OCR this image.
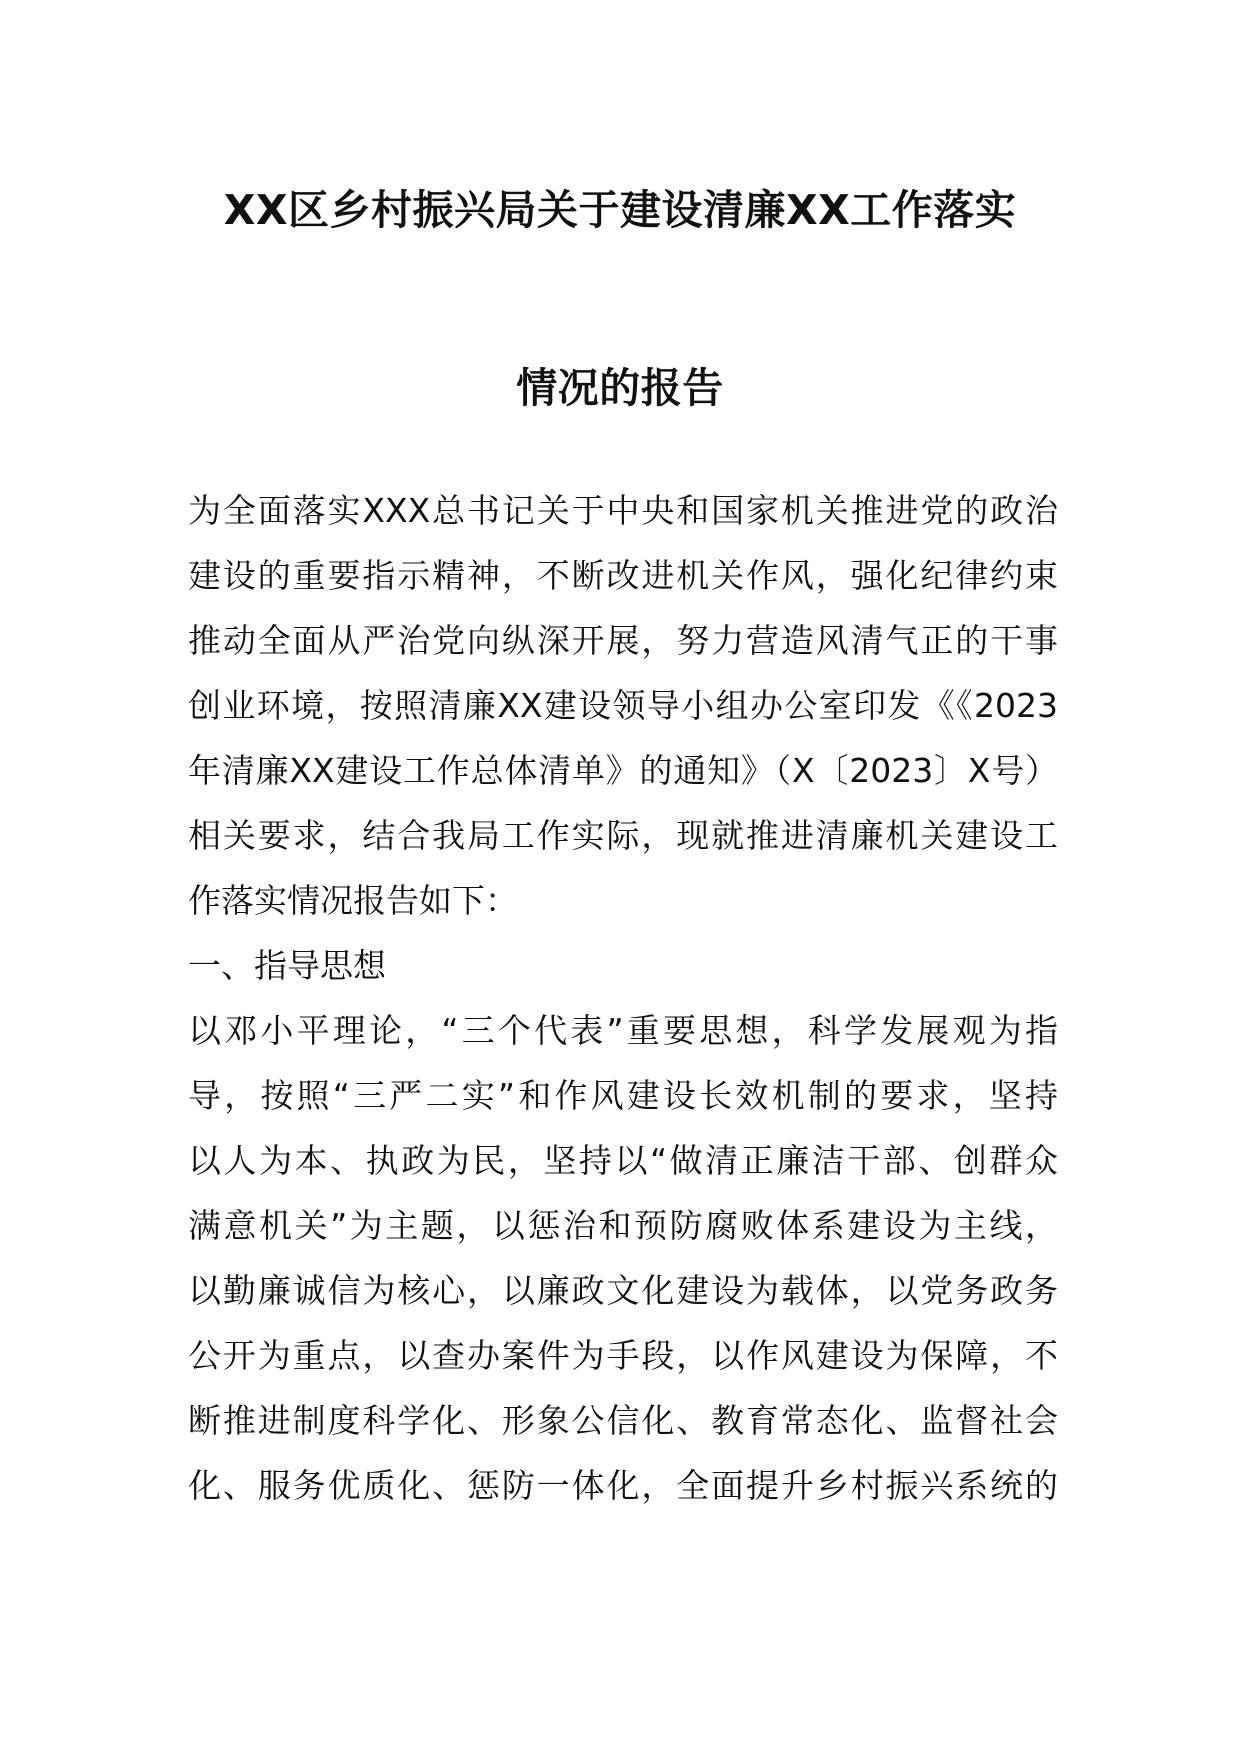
XX区乡村振兴局关于建设清廉XX工作落实
情况的报告
为全面落实XXX总书记关于中央和国家机关推进党的政治
建设的重要指示精神，不断改进机关作风，强化纪律约束
推动全面从严治党向纵深开展，努力营造风清气正的干事
创业环境，按照清廉XX建设领导小组办公室印发《《2023
年清廉XX建设工作总体清单》的通知》（X〔2023〕X号）
相关要求，结合我局工作实际，现就推进清廉机关建设工
作落实情况报告如下：
一、指导思想
以邓小平理论，“三个代表”重要思想，科学发展观为指
导，按照“三严二实”和作风建设长效机制的要求，坚持
以人为本、执政为民，坚持以“做清正廉洁干部、创群众
满意机关”为主题，以惩治和预防腐败体系建设为主线，
以勤廉诚信为核心，以廉政文化建设为载体，以党务政务
公开为重点，以查办案件为手段，以作风建设为保障，不
断推进制度科学化、形象公信化、教育常态化、监督社会
化、服务优质化、惩防一体化，全面提升乡村振兴系统的
